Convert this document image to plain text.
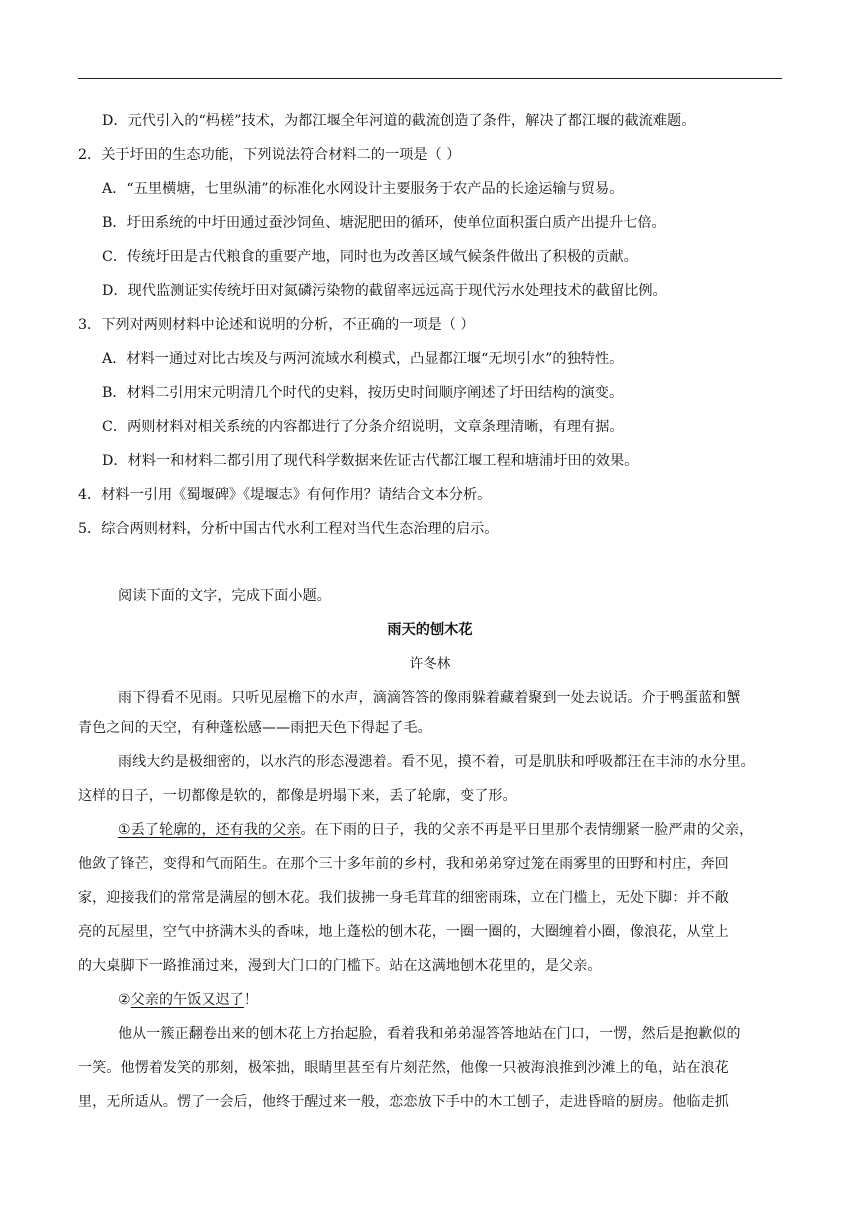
D．元代引入的“杩槎”技术，为都江堰全年河道的截流创造了条件，解决了都江堰的截流难题。
2．关于圩田的生态功能，下列说法符合材料二的一项是（ ）
A．“五里横塘，七里纵浦”的标准化水网设计主要服务于农产品的长途运输与贸易。
B．圩田系统的中圩田通过蚕沙饲鱼、塘泥肥田的循环，使单位面积蛋白质产出提升七倍。
C．传统圩田是古代粮食的重要产地，同时也为改善区域气候条件做出了积极的贡献。
D．现代监测证实传统圩田对氮磷污染物的截留率远远高于现代污水处理技术的截留比例。
3．下列对两则材料中论述和说明的分析，不正确的一项是（ ）
A．材料一通过对比古埃及与两河流域水利模式，凸显都江堰“无坝引水”的独特性。
B．材料二引用宋元明清几个时代的史料，按历史时间顺序阐述了圩田结构的演变。
C．两则材料对相关系统的内容都进行了分条介绍说明，文章条理清晰，有理有据。
D．材料一和材料二都引用了现代科学数据来佐证古代都江堰工程和塘浦圩田的效果。
4．材料一引用《蜀堰碑》《堤堰志》有何作用？请结合文本分析。
5．综合两则材料，分析中国古代水利工程对当代生态治理的启示。
阅读下面的文字，完成下面小题。
雨天的刨木花
许冬林
雨下得看不见雨。只听见屋檐下的水声，滴滴答答的像雨躲着藏着聚到一处去说话。介于鸭蛋蓝和蟹
青色之间的天空，有种蓬松感——雨把天色下得起了毛。
雨线大约是极细密的，以水汽的形态漫漶着。看不见，摸不着，可是肌肤和呼吸都汪在丰沛的水分里。
这样的日子，一切都像是软的，都像是坍塌下来，丢了轮廓，变了形。
①丢了轮廓的，还有我的父亲。在下雨的日子，我的父亲不再是平日里那个表情绷紧一脸严肃的父亲，
他敛了锋芒，变得和气而陌生。在那个三十多年前的乡村，我和弟弟穿过笼在雨雾里的田野和村庄，奔回
家，迎接我们的常常是满屋的刨木花。我们拔拂一身毛茸茸的细密雨珠，立在门槛上，无处下脚：并不敞
亮的瓦屋里，空气中挤满木头的香味，地上蓬松的刨木花，一圈一圈的，大圈缠着小圈，像浪花，从堂上
的大桌脚下一路推涌过来，漫到大门口的门槛下。站在这满地刨木花里的，是父亲。
②父亲的午饭又迟了！
他从一簇正翻卷出来的刨木花上方抬起脸，看着我和弟弟湿答答地站在门口，一愣，然后是抱歉似的
一笑。他愣着发笑的那刻，极笨拙，眼睛里甚至有片刻茫然，他像一只被海浪推到沙滩上的龟，站在浪花
里，无所适从。愣了一会后，他终于醒过来一般，恋恋放下手中的木工刨子，走进昏暗的厨房。他临走抓
